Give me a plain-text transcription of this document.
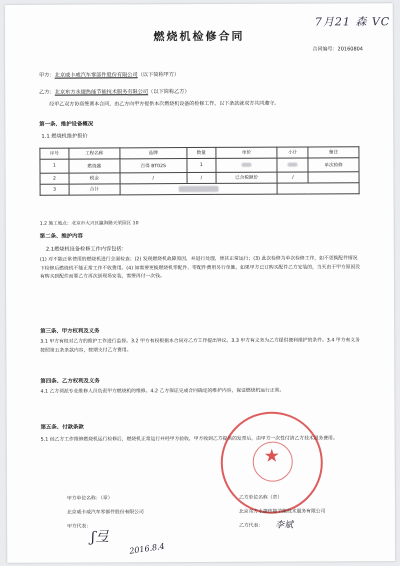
7月21 森 VC
燃烧机检修合同
合同编号：20160804
甲方：北京威卡威汽车零部件股份有限公司（以下简称甲方）
乙方：北京东方永捷热能节能技术服务有限公司（以下简称乙方）
经甲乙双方协商签署本合同，由乙方向甲方提供本次燃烧机设备的检修工作，以下条款就双方共同遵守。
第一条、维护设备概况
1.1 燃烧机维护报价
序号	工程名称	品牌	数量	单价	小计	备注
1	燃烧器	百得 BT02S	1			单次检修
2	税金	/	/	已含税额价	/	
3	合计					
1.2 施工地点：北京市大兴区瀛海路天荣园区 10
第二条、维护内容
2.1燃烧机设备检修工作内容包括：
(1) 对不能正常使用的燃烧机进行全面检查；(2) 发现燃烧机故障原因，并进行处理，使其正常运行；(3) 此次检修为单次检修工作，如不更换配件情况下检修后燃烧机不能正常工作不收费用。(4) 如需要更换燃烧机零配件，零配件费用另行单算。如果甲方已订购买配件乙方安装的，当天由于甲方原因没有购买到配件而要乙方再次到现场安装，需要再付一次钱。
第三条、甲方权利及义务
3.1 甲方有权对乙方的维护工作进行监督。3.2 甲方有权根据本合同对乙方工作提出异议。3.3 甲方有义务为乙方提供便利维护的条件。3.4 甲方有义务按照第五条条款内容，按期支付乙方费用。
第四条、乙方权利及义务
4.1 乙方须派专业维修人员负责甲方燃烧机的维修。4.2 乙方保证完成合同确定的维护内容，保证燃烧机运行正常。
第五条、付款条款
5.1 经乙方工作维修燃烧机运行检修后，燃烧机正常运行并经甲方验收，甲方收到乙方提供的发票后，由甲方一次性付清乙方技术服务费用。
★
甲方单位名称：（章）
北京威卡威汽车零部件股份有限公司
甲方代表：
ʃ弖
2016.8.4
乙方单位名称（章）
北京东方永捷热能节能技术服务有限公司
乙方代表： 李斌
